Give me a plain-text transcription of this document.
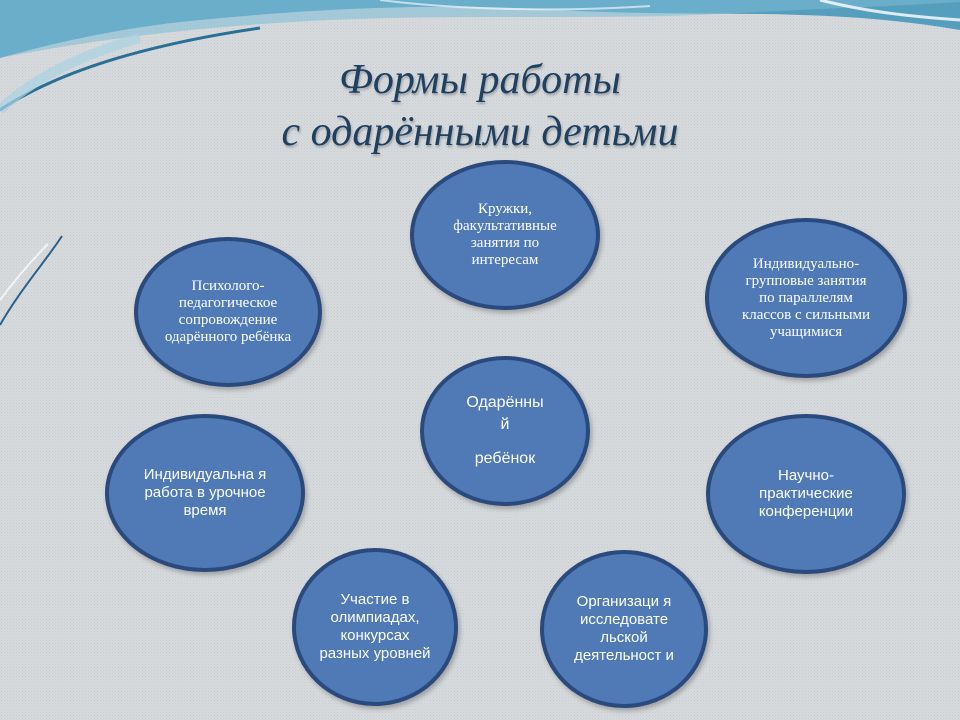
Формы работы
с одарёнными детьми
Одарённы
й
ребёнок
Кружки, факультативные занятия по интересам
Психолого-педагогическое сопровождение одарённого ребёнка
Индивидуально-групповые занятия по параллелям классов с сильными учащимися
Индивидуальна я работа в урочное время
Научно-практические конференции
Участие в олимпиадах, конкурсах разных уровней
Организаци я исследовате льской деятельност и
